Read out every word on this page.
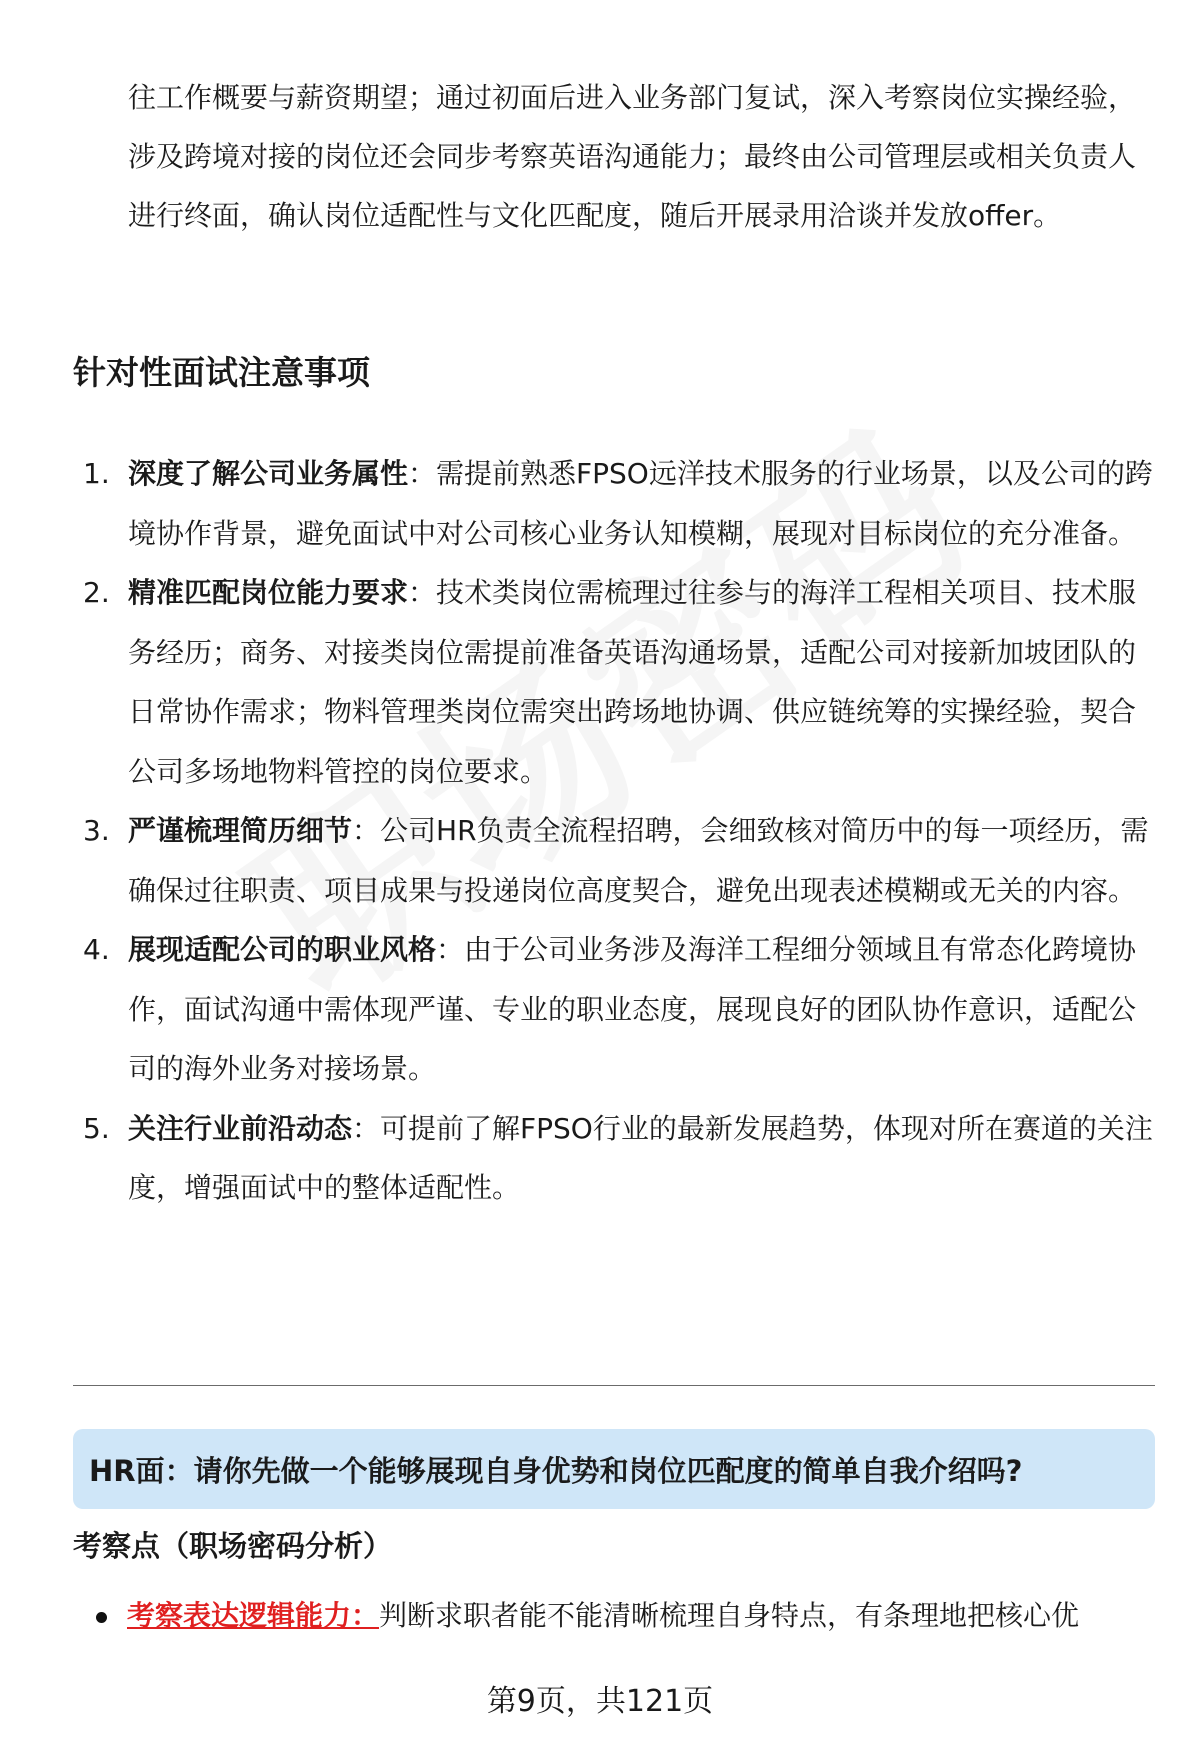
往工作概要与薪资期望；通过初面后进入业务部门复试，深入考察岗位实操经验，涉及跨境对接的岗位还会同步考察英语沟通能力；最终由公司管理层或相关负责人进行终面，确认岗位适配性与文化匹配度，随后开展录用洽谈并发放offer。

针对性面试注意事项
1. 深度了解公司业务属性：需提前熟悉FPSO远洋技术服务的行业场景，以及公司的跨境协作背景，避免面试中对公司核心业务认知模糊，展现对目标岗位的充分准备。
2. 精准匹配岗位能力要求：技术类岗位需梳理过往参与的海洋工程相关项目、技术服务经历；商务、对接类岗位需提前准备英语沟通场景，适配公司对接新加坡团队的日常协作需求；物料管理类岗位需突出跨场地协调、供应链统筹的实操经验，契合公司多场地物料管控的岗位要求。
3. 严谨梳理简历细节：公司HR负责全流程招聘，会细致核对简历中的每一项经历，需确保过往职责、项目成果与投递岗位高度契合，避免出现表述模糊或无关的内容。
4. 展现适配公司的职业风格：由于公司业务涉及海洋工程细分领域且有常态化跨境协作，面试沟通中需体现严谨、专业的职业态度，展现良好的团队协作意识，适配公司的海外业务对接场景。
5. 关注行业前沿动态：可提前了解FPSO行业的最新发展趋势，体现对所在赛道的关注度，增强面试中的整体适配性。
HR面：请你先做一个能够展现自身优势和岗位匹配度的简单自我介绍吗?
考察点（职场密码分析）
考察表达逻辑能力：判断求职者能不能清晰梳理自身特点，有条理地把核心优
第9页，共121页
